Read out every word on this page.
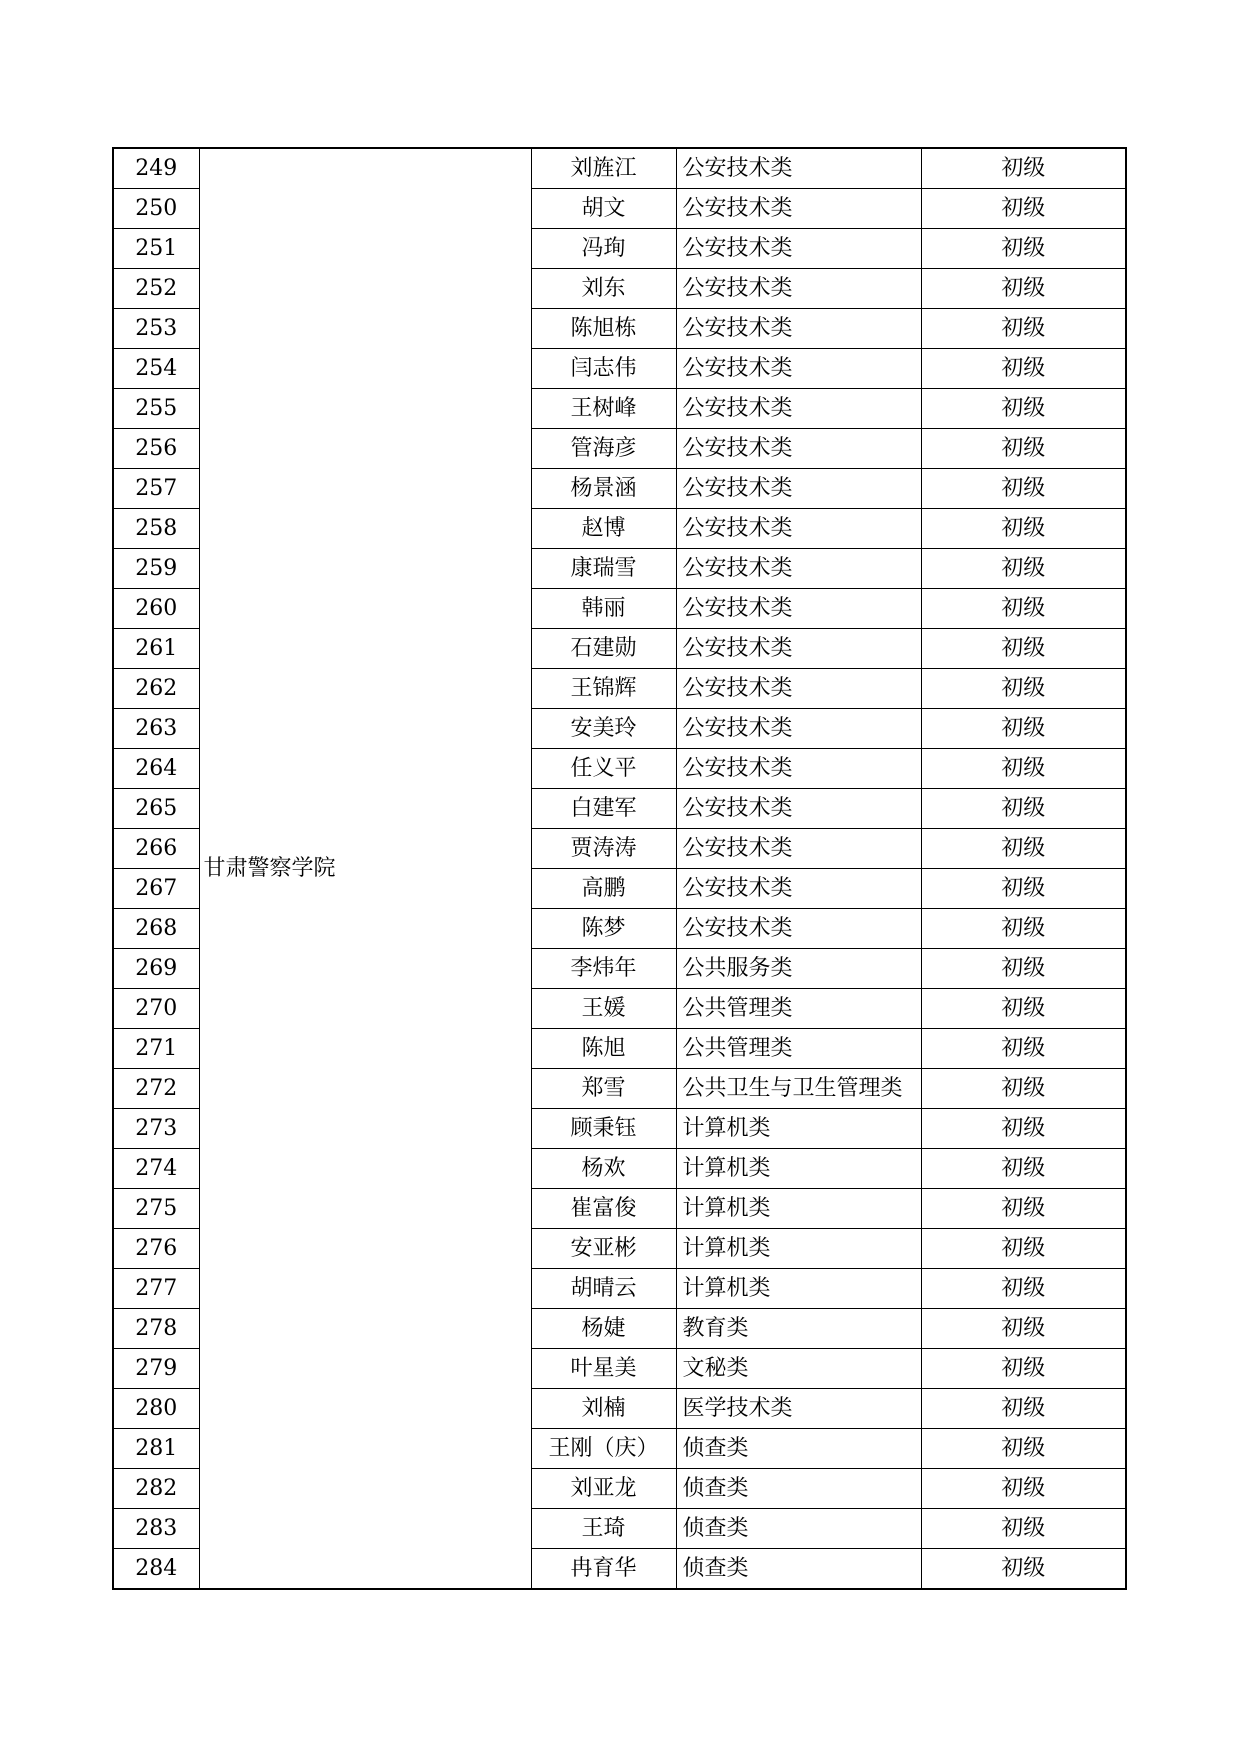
249	甘肃警察学院	刘旌江	公安技术类	初级
250		胡文	公安技术类	初级
251		冯珣	公安技术类	初级
252		刘东	公安技术类	初级
253		陈旭栋	公安技术类	初级
254		闫志伟	公安技术类	初级
255		王树峰	公安技术类	初级
256		管海彦	公安技术类	初级
257		杨景涵	公安技术类	初级
258		赵博	公安技术类	初级
259		康瑞雪	公安技术类	初级
260		韩丽	公安技术类	初级
261		石建勋	公安技术类	初级
262		王锦辉	公安技术类	初级
263		安美玲	公安技术类	初级
264		任义平	公安技术类	初级
265		白建军	公安技术类	初级
266		贾涛涛	公安技术类	初级
267		高鹏	公安技术类	初级
268		陈梦	公安技术类	初级
269		李炜年	公共服务类	初级
270		王媛	公共管理类	初级
271		陈旭	公共管理类	初级
272		郑雪	公共卫生与卫生管理类	初级
273		顾秉钰	计算机类	初级
274		杨欢	计算机类	初级
275		崔富俊	计算机类	初级
276		安亚彬	计算机类	初级
277		胡晴云	计算机类	初级
278		杨婕	教育类	初级
279		叶星美	文秘类	初级
280		刘楠	医学技术类	初级
281		王刚（庆）	侦查类	初级
282		刘亚龙	侦查类	初级
283		王琦	侦查类	初级
284		冉育华	侦查类	初级
